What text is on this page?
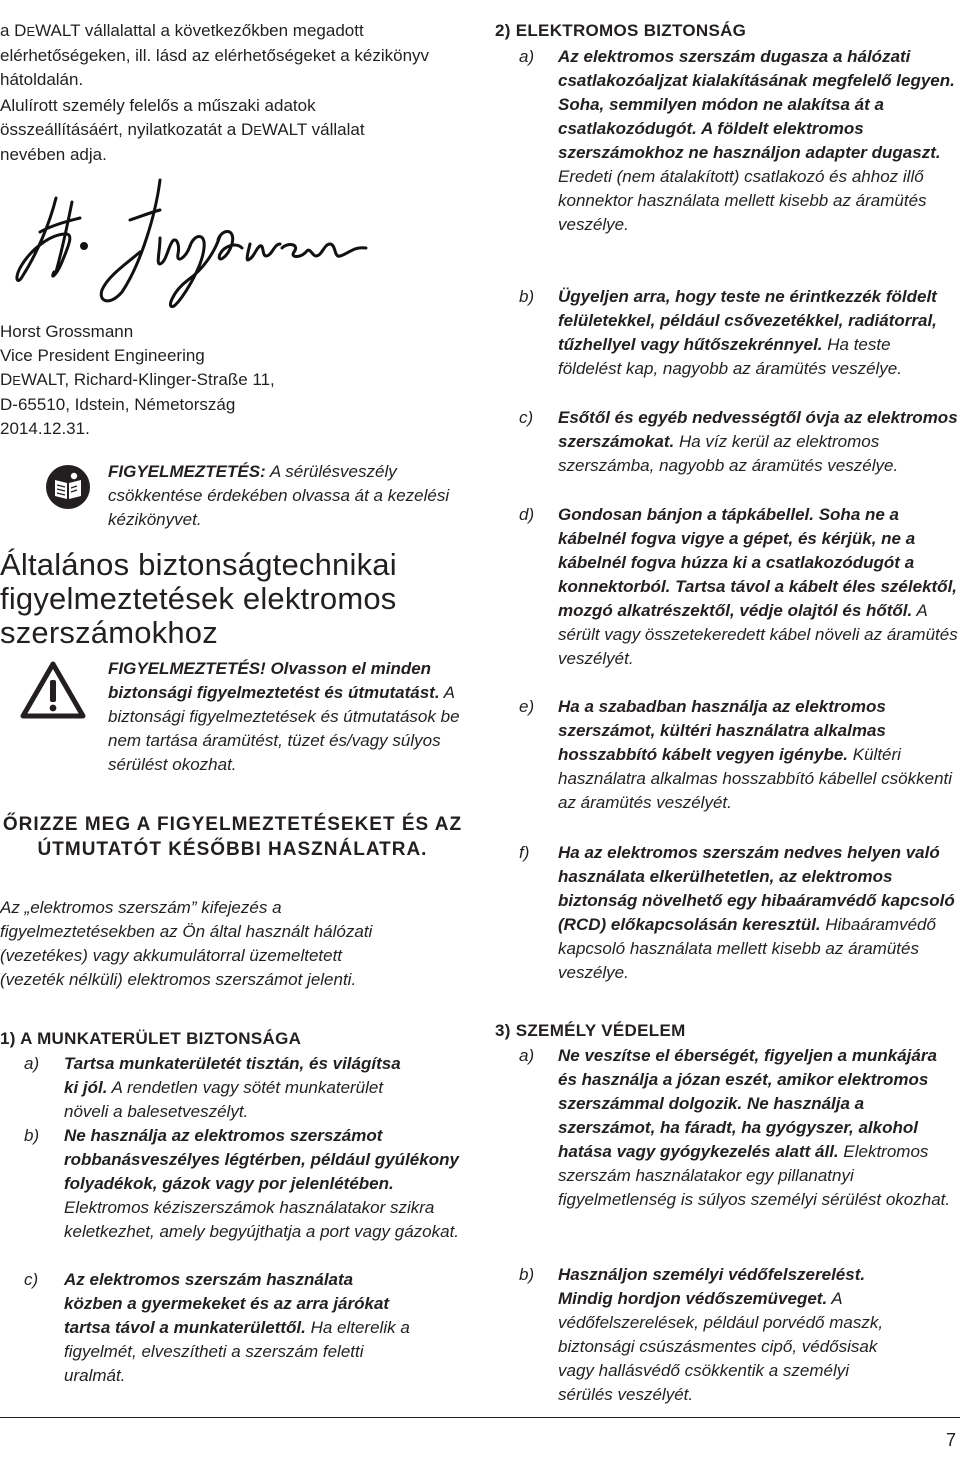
a DEWALT vállalattal a következőkben megadott elérhetőségeken, ill. lásd az elérhetőségeket a kézikönyv hátoldalán.

Alulírott személy felelős a műszaki adatok összeállításáért, nyilatkozatát a DEWALT vállalat nevében adja.

Horst Grossmann

Vice President Engineering

DEWALT, Richard-Klinger-Straße 11,

D-65510, Idstein, Németország

2014.12.31.

FIGYELMEZTETÉS: A sérülésveszély csökkentése érdekében olvassa át a kezelési kézikönyvet.

Általános biztonságtechnikai figyelmeztetések elektromos szerszámokhoz

FIGYELMEZTETÉS! Olvasson el minden biztonsági figyelmeztetést és útmutatást. A biztonsági figyelmeztetések és útmutatások be nem tartása áramütést, tüzet és/vagy súlyos sérülést okozhat.

ŐRIZZE MEG A FIGYELMEZTETÉSEKET ÉS AZ ÚTMUTATÓT KÉSŐBBI HASZNÁLATRA.

Az „elektromos szerszám” kifejezés a figyelmeztetésekben az Ön által használt hálózati (vezetékes) vagy akkumulátorral üzemeltetett (vezeték nélküli) elektromos szerszámot jelenti.

1) A MUNKATERÜLET BIZTONSÁGA

a) Tartsa munkaterületét tisztán, és világítsa ki jól. A rendetlen vagy sötét munkaterület növeli a balesetveszélyt.
b) Ne használja az elektromos szerszámot robbanásveszélyes légtérben, például gyúlékony folyadékok, gázok vagy por jelenlétében. Elektromos kéziszerszámok használatakor szikra keletkezhet, amely begyújthatja a port vagy gázokat.
c) Az elektromos szerszám használata közben a gyermekeket és az arra járókat tartsa távol a munkaterülettől. Ha elterelik a figyelmét, elveszítheti a szerszám feletti uralmát.

2) ELEKTROMOS BIZTONSÁG

a) Az elektromos szerszám dugasza a hálózati csatlakozóaljzat kialakításának megfelelő legyen. Soha, semmilyen módon ne alakítsa át a csatlakozódugót. A földelt elektromos szerszámokhoz ne használjon adapter dugaszt. Eredeti (nem átalakított) csatlakozó és ahhoz illő konnektor használata mellett kisebb az áramütés veszélye.
b) Ügyeljen arra, hogy teste ne érintkezzék földelt felületekkel, például csővezetékkel, radiátorral, tűzhellyel vagy hűtőszekrénnyel. Ha teste földelést kap, nagyobb az áramütés veszélye.
c) Esőtől és egyéb nedvességtől óvja az elektromos szerszámokat. Ha víz kerül az elektromos szerszámba, nagyobb az áramütés veszélye.
d) Gondosan bánjon a tápkábellel. Soha ne a kábelnél fogva vigye a gépet, és kérjük, ne a kábelnél fogva húzza ki a csatlakozódugót a konnektorból. Tartsa távol a kábelt éles szélektől, mozgó alkatrészektől, védje olajtól és hőtől. A sérült vagy összetekeredett kábel növeli az áramütés veszélyét.
e) Ha a szabadban használja az elektromos szerszámot, kültéri használatra alkalmas hosszabbító kábelt vegyen igénybe. Kültéri használatra alkalmas hosszabbító kábellel csökkenti az áramütés veszélyét.
f) Ha az elektromos szerszám nedves helyen való használata elkerülhetetlen, az elektromos biztonság növelhető egy hibaáramvédő kapcsoló (RCD) előkapcsolásán keresztül. Hibaáramvédő kapcsoló használata mellett kisebb az áramütés veszélye.

3) SZEMÉLY VÉDELEM

a) Ne veszítse el éberségét, figyeljen a munkájára és használja a józan eszét, amikor elektromos szerszámmal dolgozik. Ne használja a szerszámot, ha fáradt, ha gyógyszer, alkohol hatása vagy gyógykezelés alatt áll. Elektromos szerszám használatakor egy pillanatnyi figyelmetlenség is súlyos személyi sérülést okozhat.
b) Használjon személyi védőfelszerelést. Mindig hordjon védőszemüveget. A védőfelszerelések, például porvédő maszk, biztonsági csúszásmentes cipő, védősisak vagy hallásvédő csökkentik a személyi sérülés veszélyét.
7
